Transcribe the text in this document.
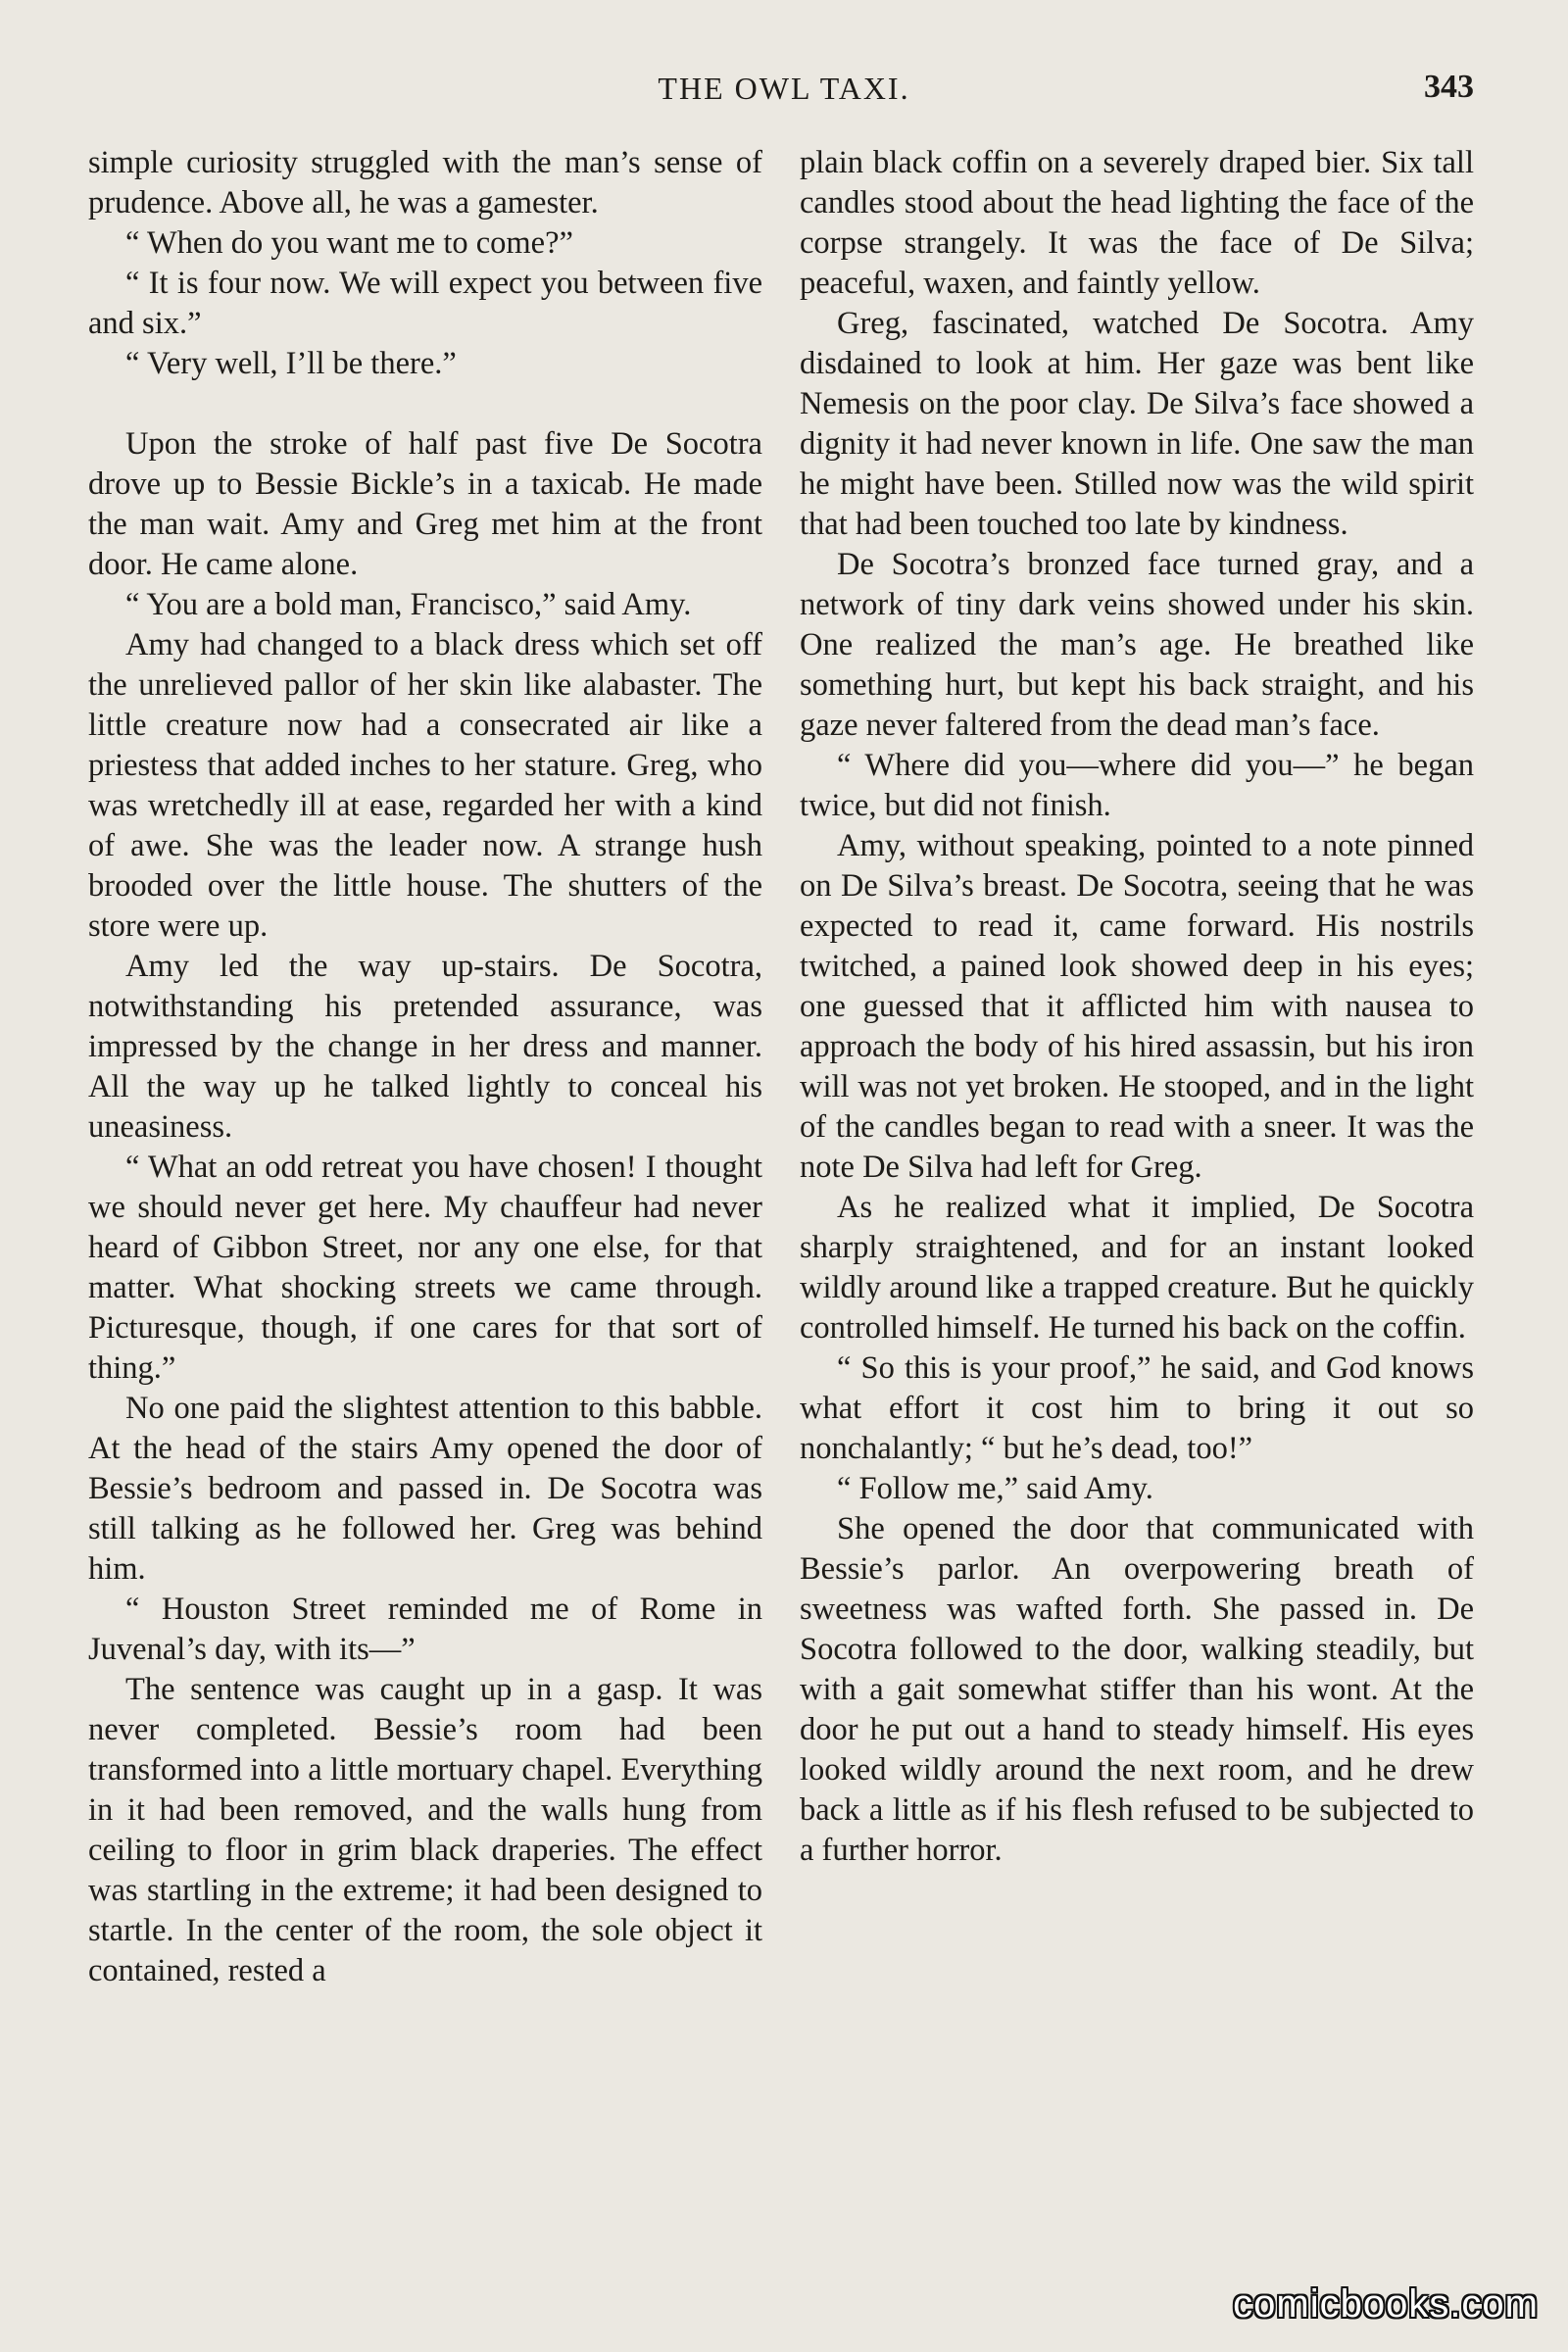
THE OWL TAXI.	343

simple curiosity struggled with the man’s sense of prudence. Above all, he was a gamester.

“ When do you want me to come?”

“ It is four now. We will expect you between five and six.”

“ Very well, I’ll be there.”

Upon the stroke of half past five De Socotra drove up to Bessie Bickle’s in a taxicab. He made the man wait. Amy and Greg met him at the front door. He came alone.

“ You are a bold man, Francisco,” said Amy.

Amy had changed to a black dress which set off the unrelieved pallor of her skin like alabaster. The little creature now had a consecrated air like a priestess that added inches to her stature. Greg, who was wretchedly ill at ease, regarded her with a kind of awe. She was the leader now. A strange hush brooded over the little house. The shutters of the store were up.

Amy led the way up-stairs. De Socotra, notwithstanding his pretended assurance, was impressed by the change in her dress and manner. All the way up he talked lightly to conceal his uneasiness.

“ What an odd retreat you have chosen! I thought we should never get here. My chauffeur had never heard of Gibbon Street, nor any one else, for that matter. What shocking streets we came through. Picturesque, though, if one cares for that sort of thing.”

No one paid the slightest attention to this babble. At the head of the stairs Amy opened the door of Bessie’s bedroom and passed in. De Socotra was still talking as he followed her. Greg was behind him.

“ Houston Street reminded me of Rome in Juvenal’s day, with its—”

The sentence was caught up in a gasp. It was never completed. Bessie’s room had been transformed into a little mortuary chapel. Everything in it had been removed, and the walls hung from ceiling to floor in grim black draperies. The effect was startling in the extreme; it had been designed to startle. In the center of the room, the sole object it contained, rested a

plain black coffin on a severely draped bier. Six tall candles stood about the head lighting the face of the corpse strangely. It was the face of De Silva; peaceful, waxen, and faintly yellow.

Greg, fascinated, watched De Socotra. Amy disdained to look at him. Her gaze was bent like Nemesis on the poor clay. De Silva’s face showed a dignity it had never known in life. One saw the man he might have been. Stilled now was the wild spirit that had been touched too late by kindness.

De Socotra’s bronzed face turned gray, and a network of tiny dark veins showed under his skin. One realized the man’s age. He breathed like something hurt, but kept his back straight, and his gaze never faltered from the dead man’s face.

“ Where did you—where did you—” he began twice, but did not finish.

Amy, without speaking, pointed to a note pinned on De Silva’s breast. De Socotra, seeing that he was expected to read it, came forward. His nostrils twitched, a pained look showed deep in his eyes; one guessed that it afflicted him with nausea to approach the body of his hired assassin, but his iron will was not yet broken. He stooped, and in the light of the candles began to read with a sneer. It was the note De Silva had left for Greg.

As he realized what it implied, De Socotra sharply straightened, and for an instant looked wildly around like a trapped creature. But he quickly controlled himself. He turned his back on the coffin.

“ So this is your proof,” he said, and God knows what effort it cost him to bring it out so nonchalantly; “ but he’s dead, too!”

“ Follow me,” said Amy.

She opened the door that communicated with Bessie’s parlor. An overpowering breath of sweetness was wafted forth. She passed in. De Socotra followed to the door, walking steadily, but with a gait somewhat stiffer than his wont. At the door he put out a hand to steady himself. His eyes looked wildly around the next room, and he drew back a little as if his flesh refused to be subjected to a further horror.

comicbooks.com
